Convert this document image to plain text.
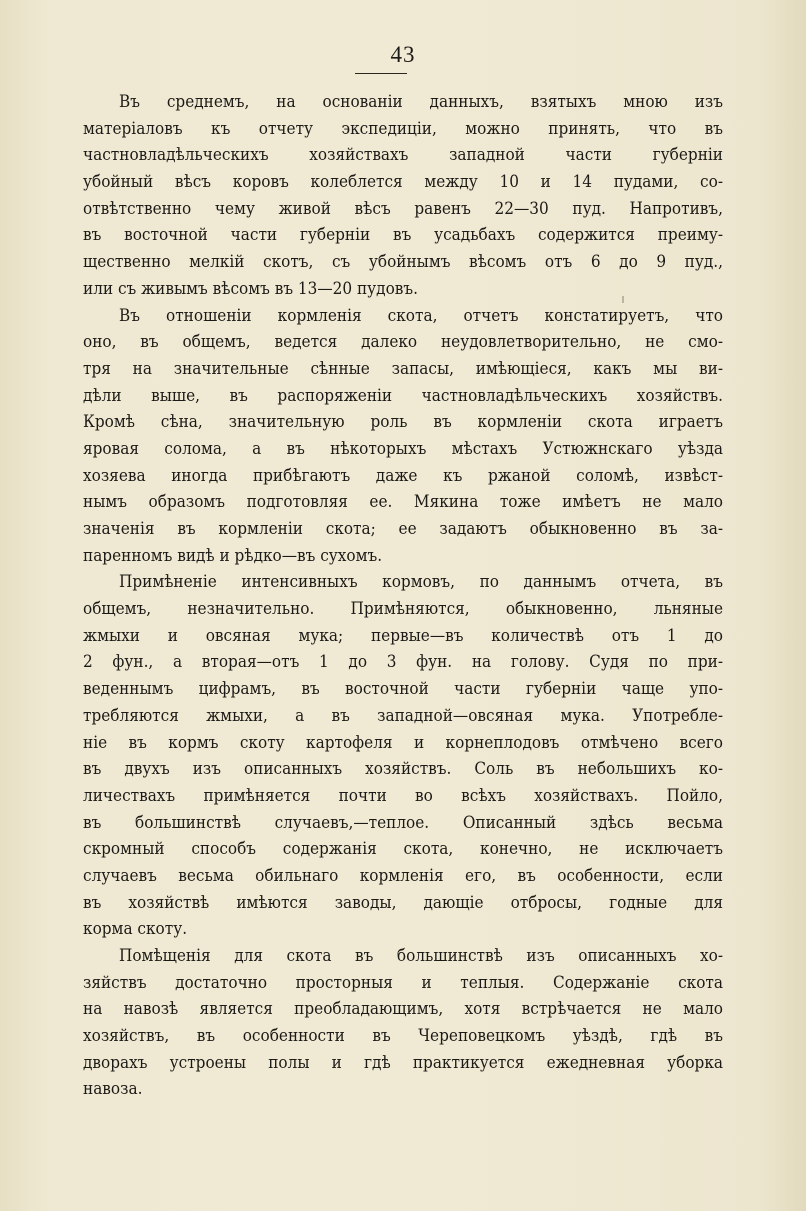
43
Въ среднемъ, на основаніи данныхъ, взятыхъ мною изъ
матеріаловъ къ отчету экспедиціи, можно принять, что въ
частновладѣльческихъ хозяйствахъ западной части губерніи
убойный вѣсъ коровъ колеблется между 10 и 14 пудами, со-
отвѣтственно чему живой вѣсъ равенъ 22—30 пуд. Напротивъ,
въ восточной части губерніи въ усадьбахъ содержится преиму-
щественно мелкій скотъ, съ убойнымъ вѣсомъ отъ 6 до 9 пуд.,
или съ живымъ вѣсомъ въ 13—20 пудовъ.
Въ отношеніи кормленія скота, отчетъ констатируетъ, что
оно, въ общемъ, ведется далеко неудовлетворительно, не смо-
тря на значительные сѣнные запасы, имѣющіеся, какъ мы ви-
дѣли выше, въ распоряженіи частновладѣльческихъ хозяйствъ.
Кромѣ сѣна, значительную роль въ кормленіи скота играетъ
яровая солома, а въ нѣкоторыхъ мѣстахъ Устюжнскаго уѣзда
хозяева иногда прибѣгаютъ даже къ ржаной соломѣ, извѣст-
нымъ образомъ подготовляя ее. Мякина тоже имѣетъ не мало
значенія въ кормленіи скота; ее задаютъ обыкновенно въ за-
паренномъ видѣ и рѣдко—въ сухомъ.
Примѣненіе интенсивныхъ кормовъ, по даннымъ отчета, въ
общемъ, незначительно. Примѣняются, обыкновенно, льняные
жмыхи и овсяная мука; первые—въ количествѣ отъ 1 до
2 фун., а вторая—отъ 1 до 3 фун. на голову. Судя по при-
веденнымъ цифрамъ, въ восточной части губерніи чаще упо-
требляются жмыхи, а въ западной—овсяная мука. Употребле-
ніе въ кормъ скоту картофеля и корнеплодовъ отмѣчено всего
въ двухъ изъ описанныхъ хозяйствъ. Соль въ небольшихъ ко-
личествахъ примѣняется почти во всѣхъ хозяйствахъ. Пойло,
въ большинствѣ случаевъ,—теплое. Описанный здѣсь весьма
скромный способъ содержанія скота, конечно, не исключаетъ
случаевъ весьма обильнаго кормленія его, въ особенности, если
въ хозяйствѣ имѣются заводы, дающіе отбросы, годные для
корма скоту.
Помѣщенія для скота въ большинствѣ изъ описанныхъ хо-
зяйствъ достаточно просторныя и теплыя. Содержаніе скота
на навозѣ является преобладающимъ, хотя встрѣчается не мало
хозяйствъ, въ особенности въ Череповецкомъ уѣздѣ, гдѣ въ
дворахъ устроены полы и гдѣ практикуется ежедневная уборка
навоза.
